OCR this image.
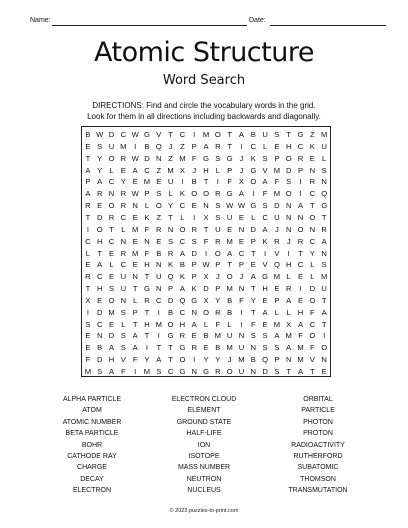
Name:	Date:
Atomic Structure
Word Search
DIRECTIONS: Find and circle the vocabulary words in the grid.
Look for them in all directions including backwards and diagonally.
B W D C W G V T C	I M O T A B U S T G Z M
E S U M I	B Q J Z P A R T	I	C L E H C K U
T Y O R W D N Z M F G S G J K S P O R E L
A Y L E A C Z M X J H L P J G V M D P N S
P A C Y E M E U	I	B T	I	F X O A F S	I	R N
A R N R W P S L K O O R G A	I	F M O	I	C Q
R E O R N L O Y C E N S W W G S D N A T G
T D R C E K Z T L	I	X S U E L C U N N O T
I	O T L M F R N O R T U E N D A J N O N R
C H C N E N E S C S F R M E P K R J R C A
L T E R M F B R A D	I	O A C T	I	V	I	T Y N
E A L C E H N K B P W P T P E V Q H C L S
R C E U N T U Q K P X J O J A G M L E L M
T H S U T G N P A K D P M N T H E R	I	D U
X E O N L R C D Q G X Y B F Y E P A E O T
I	D M S P T	I	B C N O R B	I	T A L L H F A
S C E L T H M O H A L F L	I	F E M X A C T
E N D S A T	I	G R E B M U N S S A M F O	I
E B A S A	I	T T G R E B M U N S S A M F O
F D H V F Y A T O	I	Y Y J M B Q P N M V N
M S A F	I M S C G N G R O U N D S T A T E
ALPHA PARTICLE
ATOM
ATOMIC NUMBER
BETA PARTICLE
BOHR
CATHODE RAY
CHARGE
DECAY
ELECTRON
ELECTRON CLOUD
ELEMENT
GROUND STATE
HALF-LIFE
ION
ISOTOPE
MASS NUMBER
NEUTRON
NUCLEUS
ORBITAL
PARTICLE
PHOTON
PROTON
RADIOACTIVITY
RUTHERFORD
SUBATOMIC
THOMSON
TRANSMUTATION
© 2023 puzzles-to-print.com
